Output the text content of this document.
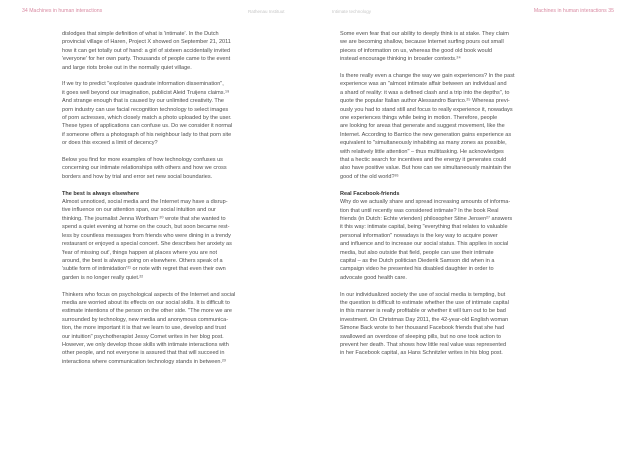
34 Machines in human interactions	Rathenau Instituut	Intimate technology	Machines in human interactions 35

dislodges that simple definition of what is 'intimate'. In the Dutch
provincial village of Haren, Project X showed on September 21, 2011
how it can get totally out of hand: a girl of sixteen accidentally invited
'everyone' for her own party. Thousands of people came to the event
and large riots broke out in the normally quiet village.

If we try to predict "explosive quadrate information dissemination",
it goes well beyond our imagination, publicist Aleid Truijens claims.¹⁹
And strange enough that is caused by our unlimited creativity. The
porn industry can use facial recognition technology to select images
of porn actresses, which closely match a photo uploaded by the user.
These types of applications can confuse us. Do we consider it normal
if someone offers a photograph of his neighbour lady to that porn site
or does this exceed a limit of decency?

Below you find for more examples of how technology confuses us
concerning our intimate relationships with others and how we cross
borders and how by trial and error set new social boundaries.

The best is always elsewhere

Almost unnoticed, social media and the Internet may have a disrup-
tive influence on our attention span, our social intuition and our
thinking. The journalist Jenna Wortham ²⁰ wrote that she wanted to
spend a quiet evening at home on the couch, but soon became rest-
less by countless messages from friends who were dining in a trendy
restaurant or enjoyed a special concert. She describes her anxiety as
'fear of missing out', things happen at places where you are not
around, the best is always going on elsewhere. Others speak of a
'subtle form of intimidation'²¹ or note with regret that even their own
garden is no longer really quiet.²²

Thinkers who focus on psychological aspects of the Internet and social
media are worried about its effects on our social skills. It is difficult to
estimate intentions of the person on the other side. "The more we are
surrounded by technology, new media and anonymous communica-
tion, the more important it is that we learn to use, develop and trust
our intuition" psychotherapist Jessy Comet writes in her blog post.
However, we only develop those skills with intimate interactions with
other people, and not everyone is assured that that will succeed in
interactions where communication technology stands in between.²³

Some even fear that our ability to deeply think is at stake. They claim
we are becoming shallow, because Internet surfing pours out small
pieces of information on us, whereas the good old book would
instead encourage thinking in broader contexts.²⁴

Is there really even a change the way we gain experiences? In the past
experience was an "almost intimate affair between an individual and
a shard of reality: it was a defined clash and a trip into the depths", to
quote the popular Italian author Alessandro Barrico.²⁵ Whereas previ-
ously you had to stand still and focus to really experience it, nowadays
one experiences things while being in motion. Therefore, people
are looking for areas that generate and suggest movement, like the
Internet. According to Barrico the new generation gains experience as
equivalent to "simultaneously inhabiting as many zones as possible,
with relatively little attention" – thus multitasking. He acknowledges
that a hectic search for incentives and the energy it generates could
also have positive value. But how can we simultaneously maintain the
good of the old world?²⁶

Real Facebook-friends

Why do we actually share and spread increasing amounts of informa-
tion that until recently was considered intimate? In the book Real
friends (in Dutch: Echte vrienden) philosopher Stine Jensen²⁷ answers
it this way: intimate capital, being "everything that relates to valuable
personal information" nowadays is the key way to acquire power
and influence and to increase our social status. This applies in social
media, but also outside that field, people can use their intimate
capital – as the Dutch politician Diederik Samson did when in a
campaign video he presented his disabled daughter in order to
advocate good health care.

In our individualized society the use of social media is tempting, but
the question is difficult to estimate whether the use of intimate capital
in this manner is really profitable or whether it will turn out to be bad
investment. On Christmas Day 2011, the 42-year-old English woman
Simone Back wrote to her thousand Facebook friends that she had
swallowed an overdose of sleeping pills, but no one took action to
prevent her death. That shows how little real value was represented
in her Facebook capital, as Hans Schnitzler writes in his blog post.
